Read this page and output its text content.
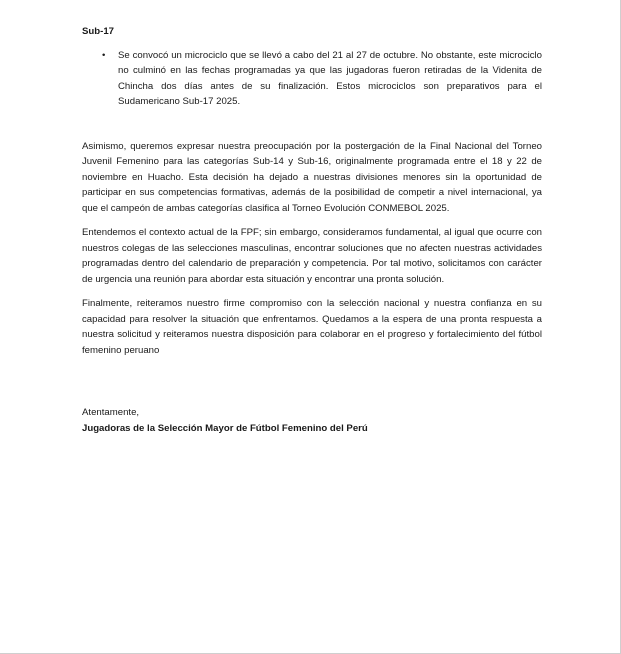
Sub-17
• Se convocó un microciclo que se llevó a cabo del 21 al 27 de octubre. No obstante, este microciclo no culminó en las fechas programadas ya que las jugadoras fueron retiradas de la Videnita de Chincha dos días antes de su finalización. Estos microciclos son preparativos para el Sudamericano Sub-17 2025.

Asimismo, queremos expresar nuestra preocupación por la postergación de la Final Nacional del Torneo Juvenil Femenino para las categorías Sub-14 y Sub-16, originalmente programada entre el 18 y 22 de noviembre en Huacho. Esta decisión ha dejado a nuestras divisiones menores sin la oportunidad de participar en sus competencias formativas, además de la posibilidad de competir a nivel internacional, ya que el campeón de ambas categorías clasifica al Torneo Evolución CONMEBOL 2025.

Entendemos el contexto actual de la FPF; sin embargo, consideramos fundamental, al igual que ocurre con nuestros colegas de las selecciones masculinas, encontrar soluciones que no afecten nuestras actividades programadas dentro del calendario de preparación y competencia. Por tal motivo, solicitamos con carácter de urgencia una reunión para abordar esta situación y encontrar una pronta solución.

Finalmente, reiteramos nuestro firme compromiso con la selección nacional y nuestra confianza en su capacidad para resolver la situación que enfrentamos. Quedamos a la espera de una pronta respuesta a nuestra solicitud y reiteramos nuestra disposición para colaborar en el progreso y fortalecimiento del fútbol femenino peruano

Atentamente,

Jugadoras de la Selección Mayor de Fútbol Femenino del Perú
